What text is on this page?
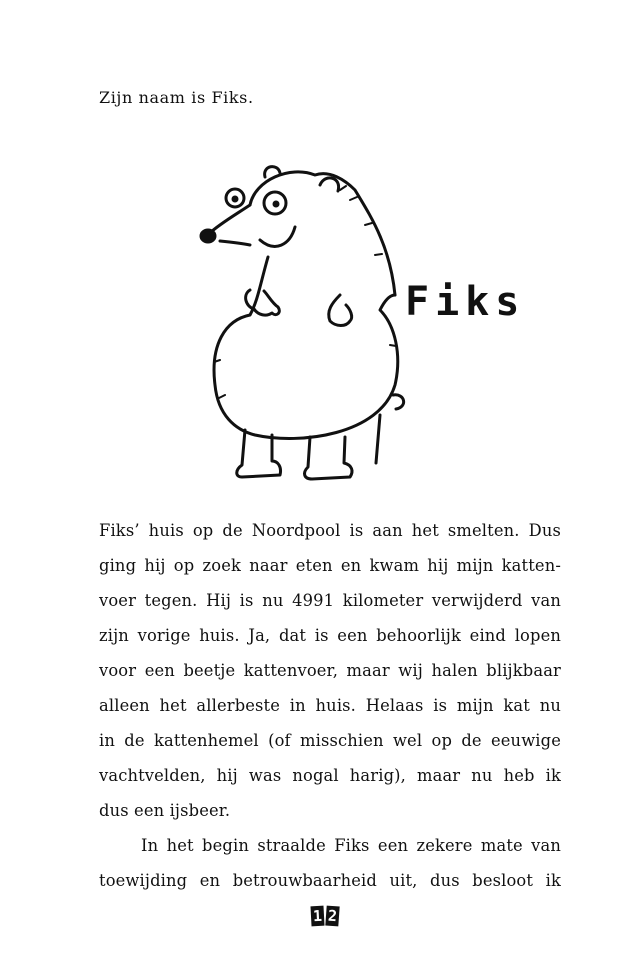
Zijn naam is Fiks.

Fiks
Fiks’ huis op de Noordpool is aan het smelten. Dus
ging hij op zoek naar eten en kwam hij mijn katten-
voer tegen. Hij is nu 4991 kilometer verwijderd van
zijn vorige huis. Ja, dat is een behoorlijk eind lopen
voor een beetje kattenvoer, maar wij halen blijkbaar
alleen het allerbeste in huis. Helaas is mijn kat nu
in de kattenhemel (of misschien wel op de eeuwige
vachtvelden, hij was nogal harig), maar nu heb ik
dus een ijsbeer.
In het begin straalde Fiks een zekere mate van
toewijding en betrouwbaarheid uit, dus besloot ik
1 2
